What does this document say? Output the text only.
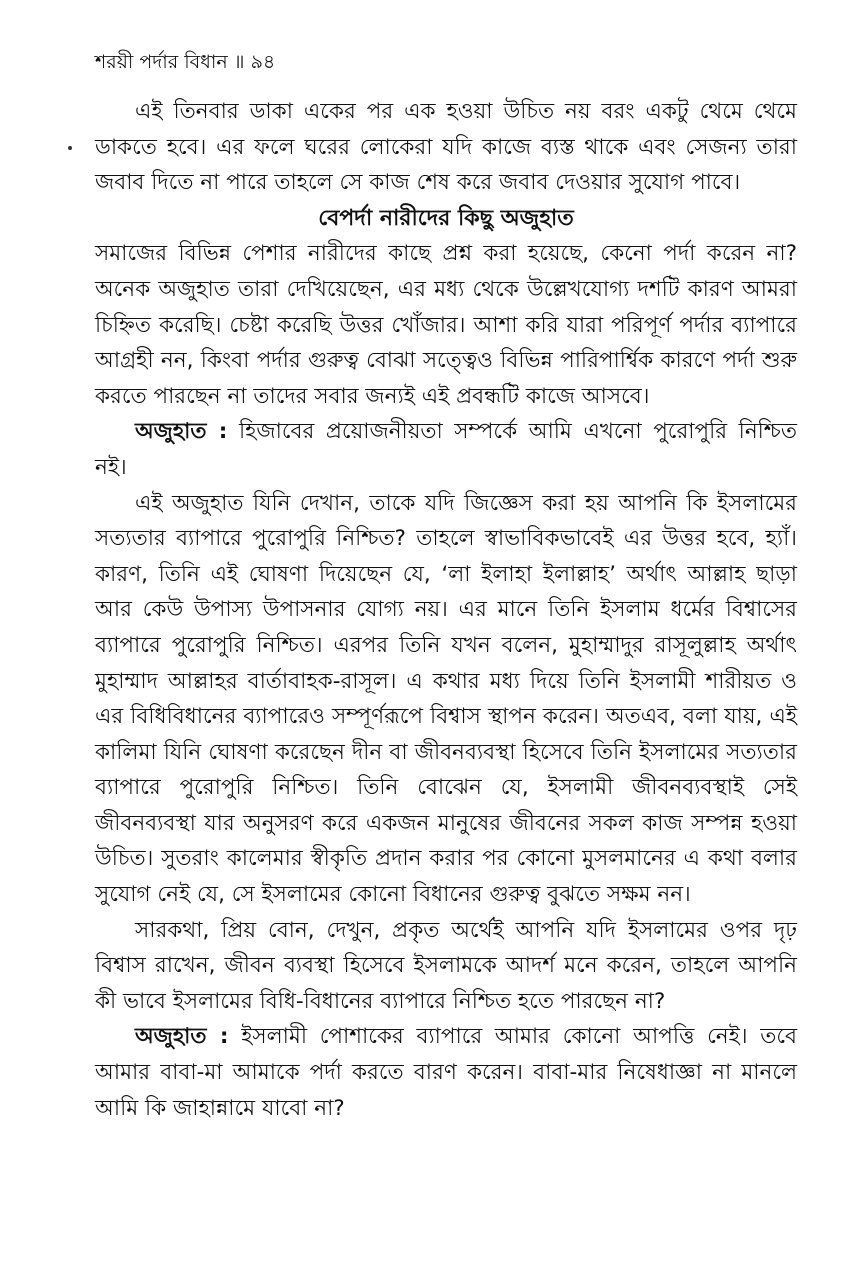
শরয়ী পর্দার বিধান ॥ ৯৪

এই তিনবার ডাকা একের পর এক হওয়া উচিত নয় বরং একটু থেমে থেমে ডাকতে হবে। এর ফলে ঘরের লোকেরা যদি কাজে ব্যস্ত থাকে এবং সেজন্য তারা জবাব দিতে না পারে তাহলে সে কাজ শেষ করে জবাব দেওয়ার সুযোগ পাবে।

বেপর্দা নারীদের কিছু অজুহাত

সমাজের বিভিন্ন পেশার নারীদের কাছে প্রশ্ন করা হয়েছে, কেনো পর্দা করেন না? অনেক অজুহাত তারা দেখিয়েছেন, এর মধ্য থেকে উল্লেখযোগ্য দশটি কারণ আমরা চিহ্নিত করেছি। চেষ্টা করেছি উত্তর খোঁজার। আশা করি যারা পরিপূর্ণ পর্দার ব্যাপারে আগ্রহী নন, কিংবা পর্দার গুরুত্ব বোঝা সত্ত্বেও বিভিন্ন পারিপার্শ্বিক কারণে পর্দা শুরু করতে পারছেন না তাদের সবার জন্যই এই প্রবন্ধটি কাজে আসবে।

অজুহাত : হিজাবের প্রয়োজনীয়তা সম্পর্কে আমি এখনো পুরোপুরি নিশ্চিত নই।

এই অজুহাত যিনি দেখান, তাকে যদি জিজ্ঞেস করা হয় আপনি কি ইসলামের সত্যতার ব্যাপারে পুরোপুরি নিশ্চিত? তাহলে স্বাভাবিকভাবেই এর উত্তর হবে, হ্যাঁ। কারণ, তিনি এই ঘোষণা দিয়েছেন যে, ‘লা ইলাহা ইলাল্লাহ’ অর্থাৎ আল্লাহ ছাড়া আর কেউ উপাস্য উপাসনার যোগ্য নয়। এর মানে তিনি ইসলাম ধর্মের বিশ্বাসের ব্যাপারে পুরোপুরি নিশ্চিত। এরপর তিনি যখন বলেন, মুহাম্মাদুর রাসূলুল্লাহ অর্থাৎ মুহাম্মাদ আল্লাহর বার্তাবাহক-রাসূল। এ কথার মধ্য দিয়ে তিনি ইসলামী শারীয়ত ও এর বিধিবিধানের ব্যাপারেও সম্পূর্ণরূপে বিশ্বাস স্থাপন করেন। অতএব, বলা যায়, এই কালিমা যিনি ঘোষণা করেছেন দীন বা জীবনব্যবস্থা হিসেবে তিনি ইসলামের সত্যতার ব্যাপারে পুরোপুরি নিশ্চিত। তিনি বোঝেন যে, ইসলামী জীবনব্যবস্থাই সেই জীবনব্যবস্থা যার অনুসরণ করে একজন মানুষের জীবনের সকল কাজ সম্পন্ন হওয়া উচিত। সুতরাং কালেমার স্বীকৃতি প্রদান করার পর কোনো মুসলমানের এ কথা বলার সুযোগ নেই যে, সে ইসলামের কোনো বিধানের গুরুত্ব বুঝতে সক্ষম নন।

সারকথা, প্রিয় বোন, দেখুন, প্রকৃত অর্থেই আপনি যদি ইসলামের ওপর দৃঢ় বিশ্বাস রাখেন, জীবন ব্যবস্থা হিসেবে ইসলামকে আদর্শ মনে করেন, তাহলে আপনি কী ভাবে ইসলামের বিধি-বিধানের ব্যাপারে নিশ্চিত হতে পারছেন না?

অজুহাত : ইসলামী পোশাকের ব্যাপারে আমার কোনো আপত্তি নেই। তবে আমার বাবা-মা আমাকে পর্দা করতে বারণ করেন। বাবা-মার নিষেধাজ্ঞা না মানলে আমি কি জাহান্নামে যাবো না?
